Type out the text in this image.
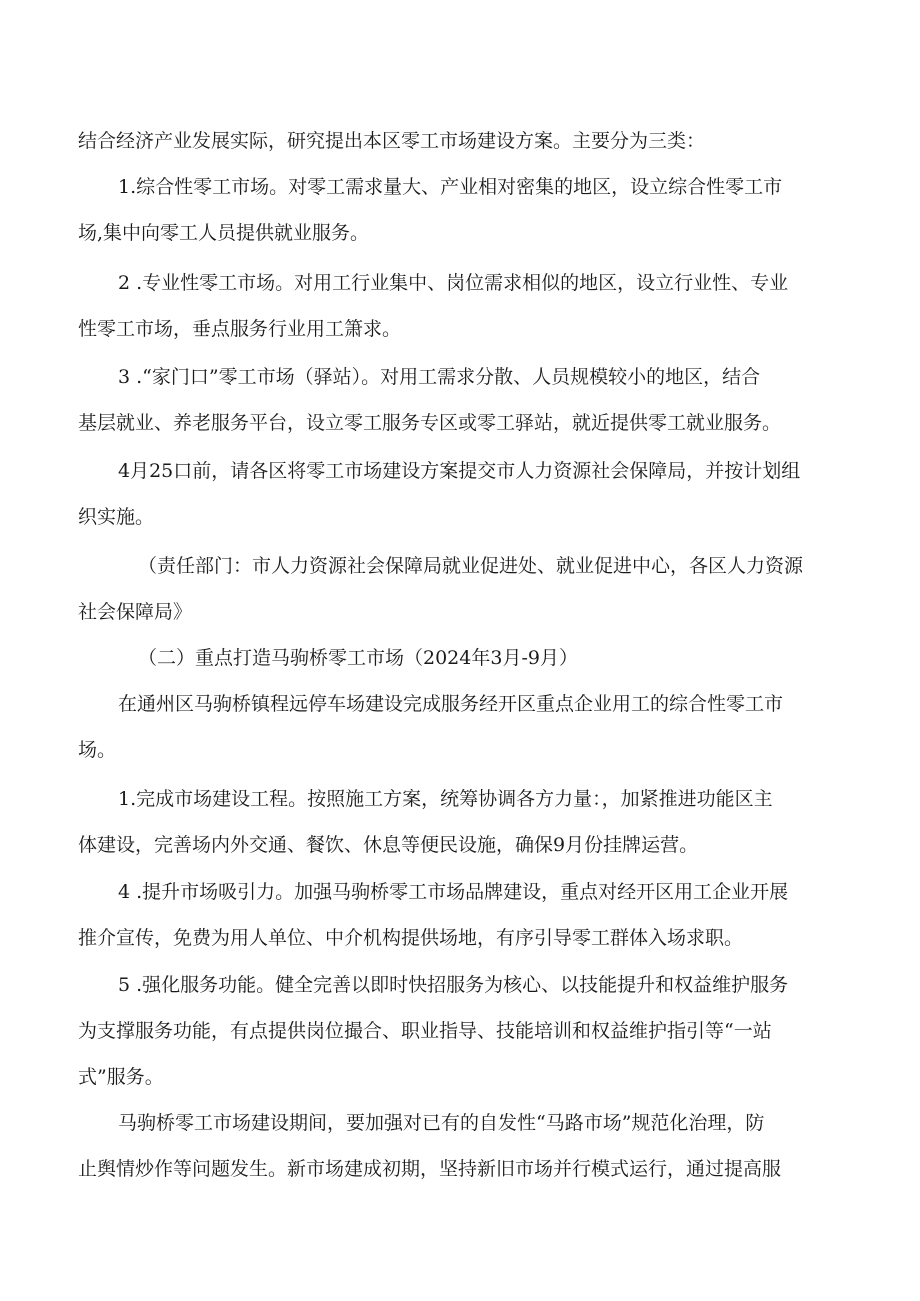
结合经济产业发展实际，研究提出本区零工市场建设方案。主要分为三类：

1.综合性零工市场。对零工需求量大、产业相对密集的地区，设立综合性零工市
场,集中向零工人员提供就业服务。

2 .专业性零工市场。对用工行业集中、岗位需求相似的地区，设立行业性、专业
性零工市场，垂点服务行业用工箫求。

3 .“家门口”零工市场（驿站）。对用工需求分散、人员规模较小的地区，结合
基层就业、养老服务平台，设立零工服务专区或零工驿站，就近提供零工就业服务。

4月25口前，请各区将零工市场建设方案提交市人力资源社会保障局，并按计划组
织实施。

（责任部门：市人力资源社会保障局就业促进处、就业促进中心，各区人力资源
社会保障局》

（二）重点打造马驹桥零工市场（2024年3月-9月）

在通州区马驹桥镇程远停车场建设完成服务经开区重点企业用工的综合性零工市
场。

1.完成市场建设工程。按照施工方案，统筹协调各方力量：，加紧推进功能区主
体建设，完善场内外交通、餐饮、休息等便民设施，确保9月份挂牌运营。

4 .提升市场吸引力。加强马驹桥零工市场品牌建设，重点对经开区用工企业开展
推介宣传，免费为用人单位、中介机构提供场地，有序引导零工群体入场求职。

5 .强化服务功能。健全完善以即时快招服务为核心、以技能提升和权益维护服务
为支撑服务功能，有点提供岗位撮合、职业指导、技能培训和权益维护指引等“一站
式”服务。

马驹桥零工市场建设期间，要加强对已有的自发性“马路市场”规范化治理，防
止舆情炒作等问题发生。新市场建成初期，坚持新旧市场并行模式运行，通过提高服
